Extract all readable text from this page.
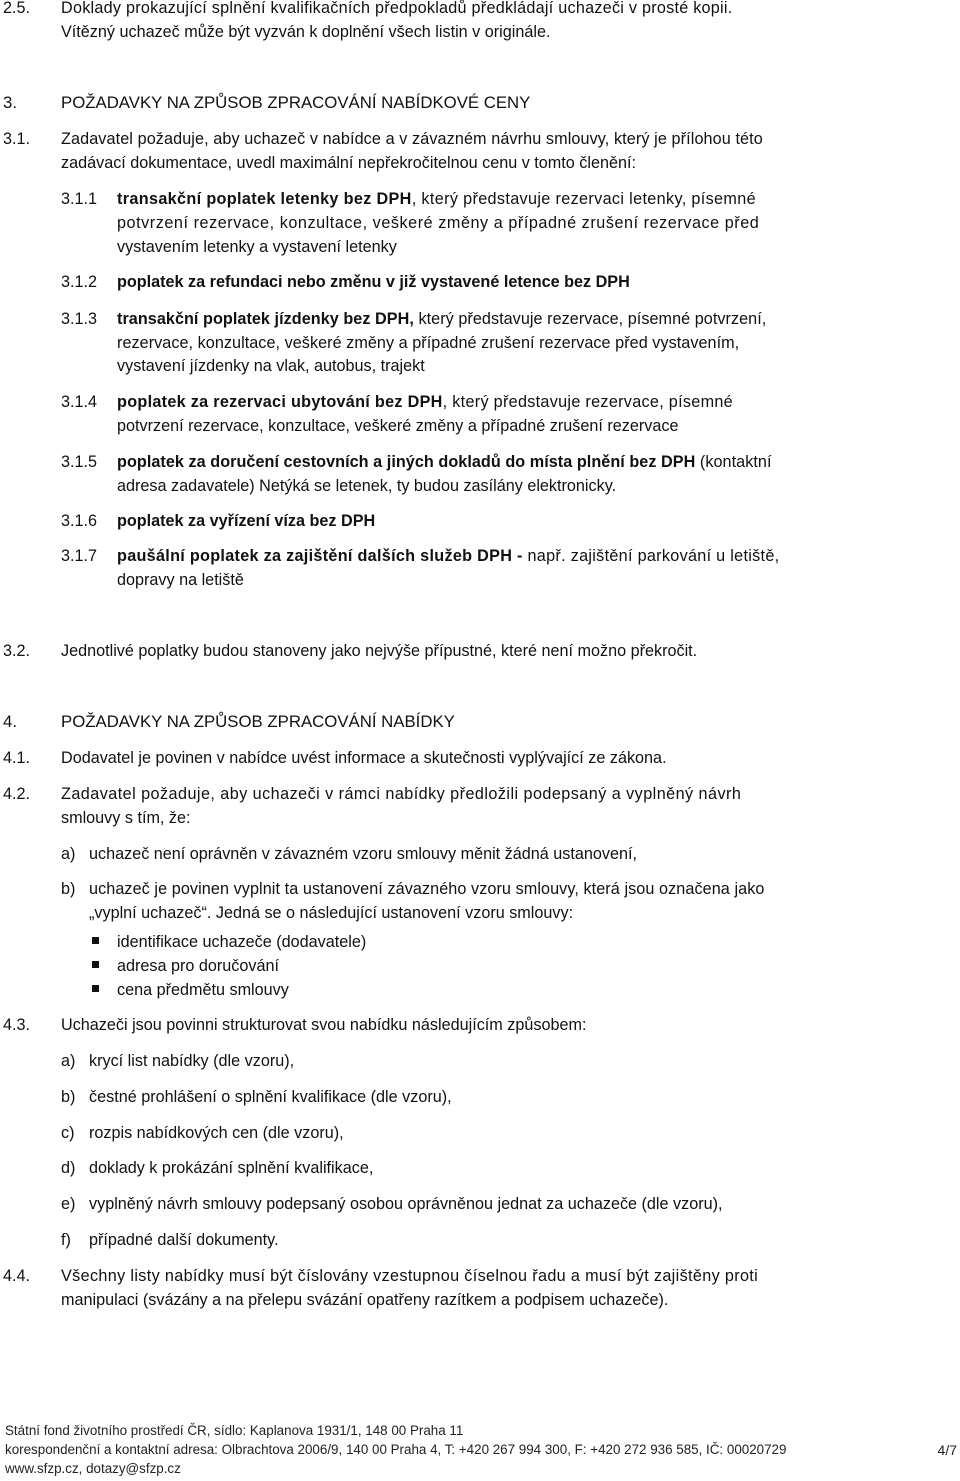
2.5. Doklady prokazující splnění kvalifikačních předpokladů předkládají uchazeči v prosté kopii.
Vítězný uchazeč může být vyzván k doplnění všech listin v originále.
3.	POŽADAVKY NA ZPŮSOB ZPRACOVÁNÍ NABÍDKOVÉ CENY
3.1. Zadavatel požaduje, aby uchazeč v nabídce a v závazném návrhu smlouvy, který je přílohou této
zadávací dokumentace, uvedl maximální nepřekročitelnou cenu v tomto členění:
3.1.1 transakční poplatek letenky bez DPH, který představuje rezervaci letenky, písemné
potvrzení rezervace, konzultace, veškeré změny a případné zrušení rezervace před
vystavením letenky a vystavení letenky
3.1.2 poplatek za refundaci nebo změnu v již vystavené letence bez DPH
3.1.3 transakční poplatek jízdenky bez DPH, který představuje rezervace, písemné potvrzení,
rezervace, konzultace, veškeré změny a případné zrušení rezervace před vystavením,
vystavení jízdenky na vlak, autobus, trajekt
3.1.4 poplatek za rezervaci ubytování bez DPH, který představuje rezervace, písemné
potvrzení rezervace, konzultace, veškeré změny a případné zrušení rezervace
3.1.5 poplatek za doručení cestovních a jiných dokladů do místa plnění bez DPH (kontaktní
adresa zadavatele) Netýká se letenek, ty budou zasílány elektronicky.
3.1.6 poplatek za vyřízení víza bez DPH
3.1.7 paušální poplatek za zajištění dalších služeb DPH - např. zajištění parkování u letiště,
dopravy na letiště
3.2. Jednotlivé poplatky budou stanoveny jako nejvýše přípustné, které není možno překročit.
4.	POŽADAVKY NA ZPŮSOB ZPRACOVÁNÍ NABÍDKY
4.1. Dodavatel je povinen v nabídce uvést informace a skutečnosti vyplývající ze zákona.
4.2. Zadavatel požaduje, aby uchazeči v rámci nabídky předložili podepsaný a vyplněný návrh
smlouvy s tím, že:
a) uchazeč není oprávněn v závazném vzoru smlouvy měnit žádná ustanovení,
b) uchazeč je povinen vyplnit ta ustanovení závazného vzoru smlouvy, která jsou označena jako
„vyplní uchazeč“. Jedná se o následující ustanovení vzoru smlouvy:
identifikace uchazeče (dodavatele)
adresa pro doručování
cena předmětu smlouvy
4.3. Uchazeči jsou povinni strukturovat svou nabídku následujícím způsobem:
a) krycí list nabídky (dle vzoru),
b) čestné prohlášení o splnění kvalifikace (dle vzoru),
c) rozpis nabídkových cen (dle vzoru),
d) doklady k prokázání splnění kvalifikace,
e) vyplněný návrh smlouvy podepsaný osobou oprávněnou jednat za uchazeče (dle vzoru),
f) případné další dokumenty.
4.4. Všechny listy nabídky musí být číslovány vzestupnou číselnou řadu a musí být zajištěny proti
manipulaci (svázány a na přelepu svázání opatřeny razítkem a podpisem uchazeče).
Státní fond životního prostředí ČR, sídlo: Kaplanova 1931/1, 148 00 Praha 11
korespondenční a kontaktní adresa: Olbrachtova 2006/9, 140 00 Praha 4, T: +420 267 994 300, F: +420 272 936 585, IČ: 00020729
www.sfzp.cz, dotazy@sfzp.cz
4/7
